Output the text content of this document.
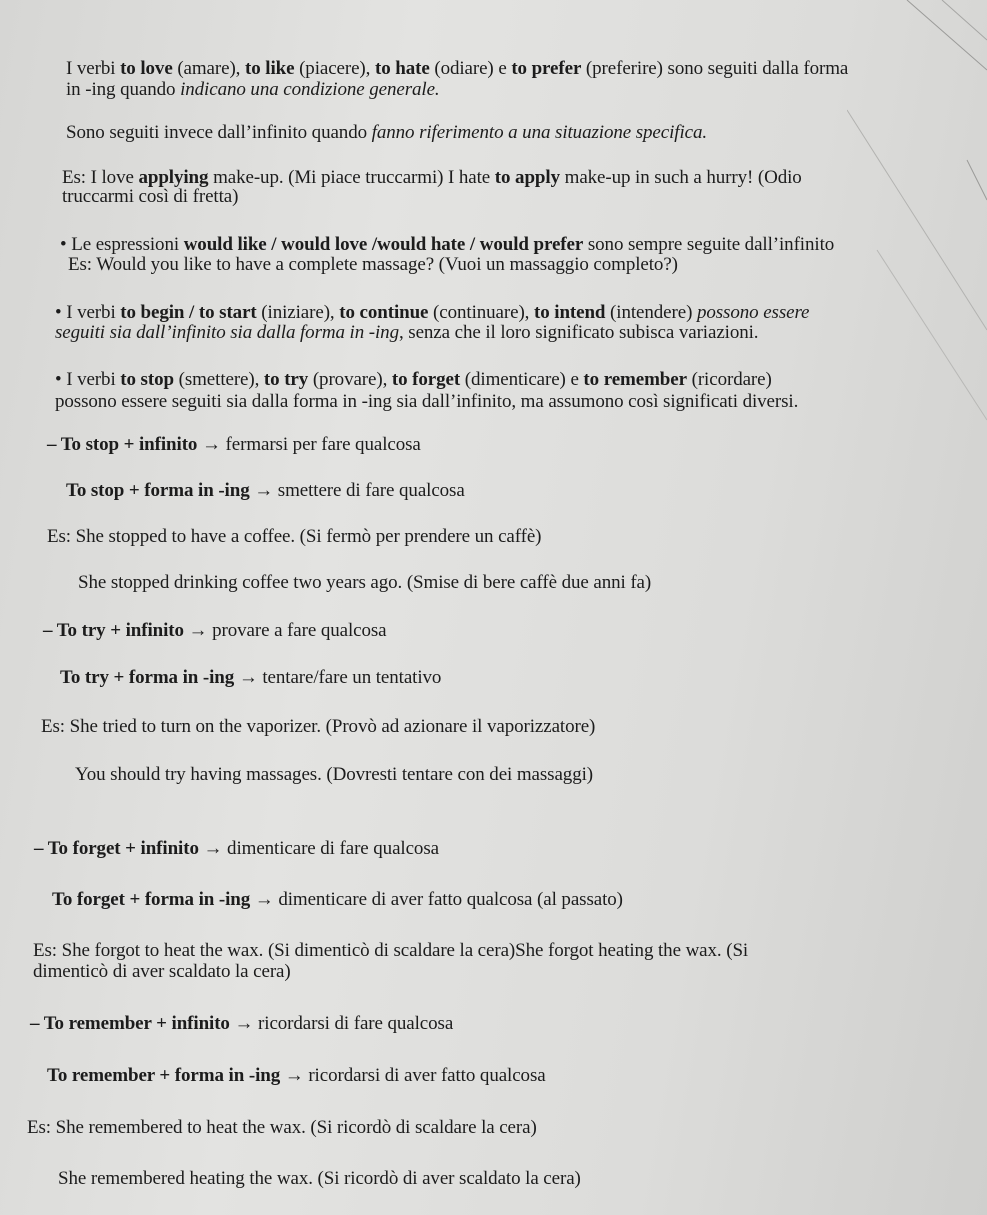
I verbi to love (amare), to like (piacere), to hate (odiare) e to prefer (preferire) sono seguiti dalla forma
in -ing quando indicano una condizione generale.
Sono seguiti invece dall’infinito quando fanno riferimento a una situazione specifica.
Es: I love applying make-up. (Mi piace truccarmi) I hate to apply make-up in such a hurry! (Odio
truccarmi così di fretta)
• Le espressioni would like / would love /would hate / would prefer sono sempre seguite dall’infinito
Es: Would you like to have a complete massage? (Vuoi un massaggio completo?)
• I verbi to begin / to start (iniziare), to continue (continuare), to intend (intendere) possono essere
seguiti sia dall’infinito sia dalla forma in -ing, senza che il loro significato subisca variazioni.
• I verbi to stop (smettere), to try (provare), to forget (dimenticare) e to remember (ricordare)
possono essere seguiti sia dalla forma in -ing sia dall’infinito, ma assumono così significati diversi.
– To stop + infinito → fermarsi per fare qualcosa
To stop + forma in -ing → smettere di fare qualcosa
Es: She stopped to have a coffee. (Si fermò per prendere un caffè)
She stopped drinking coffee two years ago. (Smise di bere caffè due anni fa)
– To try + infinito → provare a fare qualcosa
To try + forma in -ing → tentare/fare un tentativo
Es: She tried to turn on the vaporizer. (Provò ad azionare il vaporizzatore)
You should try having massages. (Dovresti tentare con dei massaggi)
– To forget + infinito → dimenticare di fare qualcosa
To forget + forma in -ing → dimenticare di aver fatto qualcosa (al passato)
Es: She forgot to heat the wax. (Si dimenticò di scaldare la cera)She forgot heating the wax. (Si
dimenticò di aver scaldato la cera)
– To remember + infinito → ricordarsi di fare qualcosa
To remember + forma in -ing → ricordarsi di aver fatto qualcosa
Es: She remembered to heat the wax. (Si ricordò di scaldare la cera)
She remembered heating the wax. (Si ricordò di aver scaldato la cera)
